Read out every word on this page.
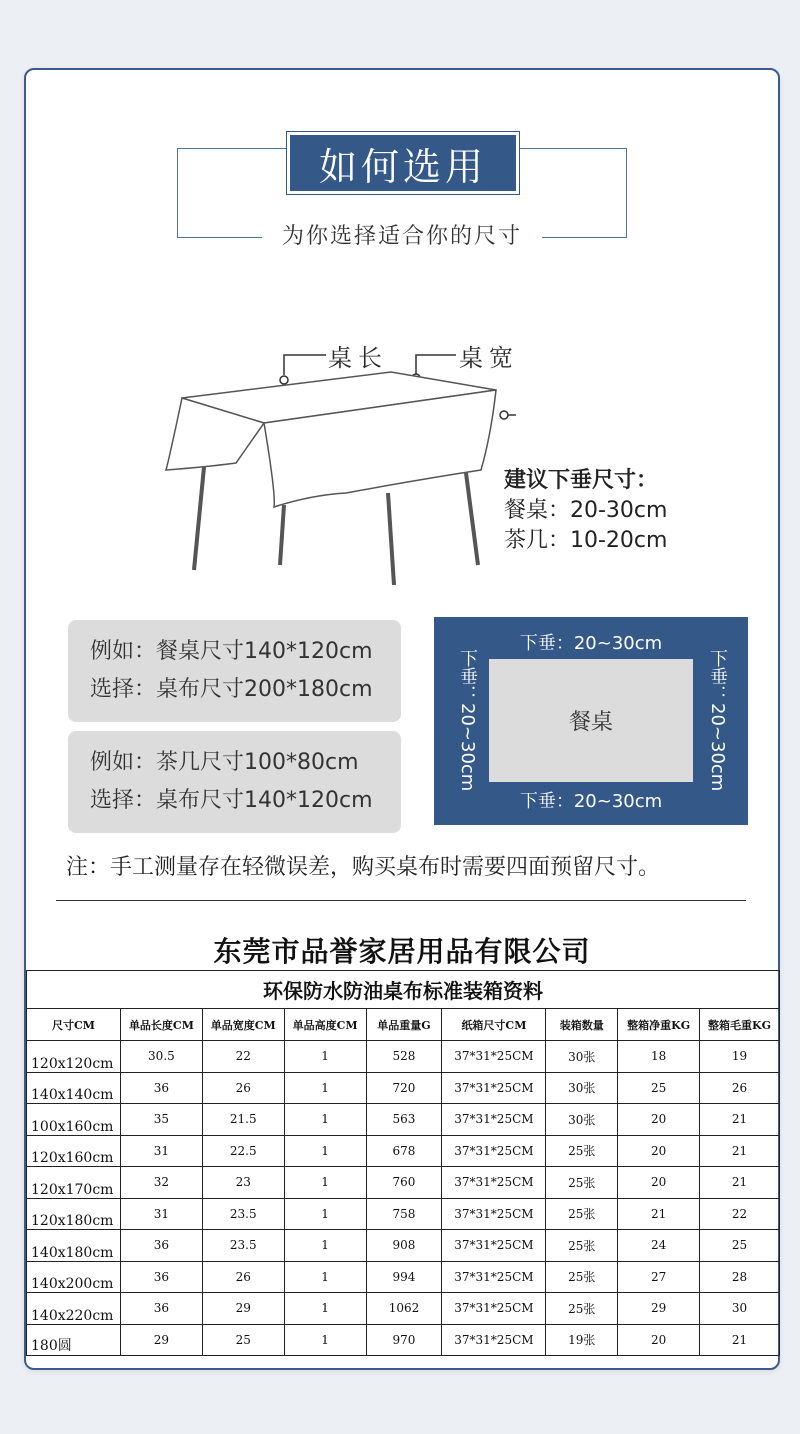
如何选用
为你选择适合你的尺寸
桌长	桌宽
建议下垂尺寸：
餐桌：20-30cm
茶几：10-20cm
例如：餐桌尺寸140*120cm
选择：桌布尺寸200*180cm
例如：茶几尺寸100*80cm
选择：桌布尺寸140*120cm
下垂：20~30cm
下垂：20~30cm	餐桌	下垂：20~30cm
下垂：20~30cm
注：手工测量存在轻微误差，购买桌布时需要四面预留尺寸。
东莞市品誉家居用品有限公司
环保防水防油桌布标准装箱资料								
尺寸CM	单品长度CM	单品宽度CM	单品高度CM	单品重量G	纸箱尺寸CM	装箱数量	整箱净重KG	整箱毛重KG
120x120cm	30.5	22	1	528	37*31*25CM	30张	18	19
140x140cm	36	26	1	720	37*31*25CM	30张	25	26
100x160cm	35	21.5	1	563	37*31*25CM	30张	20	21
120x160cm	31	22.5	1	678	37*31*25CM	25张	20	21
120x170cm	32	23	1	760	37*31*25CM	25张	20	21
120x180cm	31	23.5	1	758	37*31*25CM	25张	21	22
140x180cm	36	23.5	1	908	37*31*25CM	25张	24	25
140x200cm	36	26	1	994	37*31*25CM	25张	27	28
140x220cm	36	29	1	1062	37*31*25CM	25张	29	30
180圆	29	25	1	970	37*31*25CM	19张	20	21
